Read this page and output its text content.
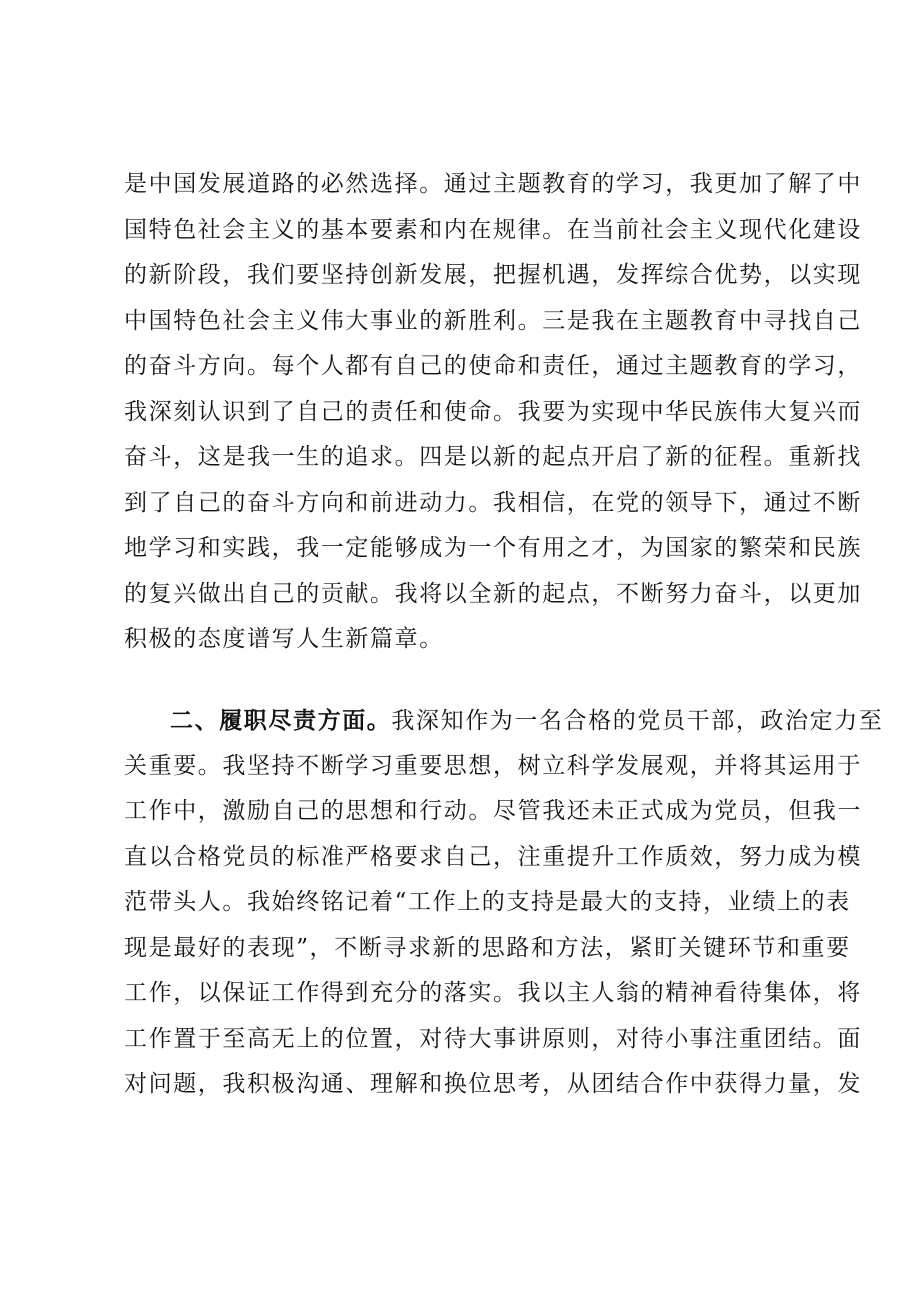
是中国发展道路的必然选择。通过主题教育的学习，我更加了解了中
国特色社会主义的基本要素和内在规律。在当前社会主义现代化建设
的新阶段，我们要坚持创新发展，把握机遇，发挥综合优势，以实现
中国特色社会主义伟大事业的新胜利。三是我在主题教育中寻找自己
的奋斗方向。每个人都有自己的使命和责任，通过主题教育的学习，
我深刻认识到了自己的责任和使命。我要为实现中华民族伟大复兴而
奋斗，这是我一生的追求。四是以新的起点开启了新的征程。重新找
到了自己的奋斗方向和前进动力。我相信，在党的领导下，通过不断
地学习和实践，我一定能够成为一个有用之才，为国家的繁荣和民族
的复兴做出自己的贡献。我将以全新的起点，不断努力奋斗，以更加
积极的态度谱写人生新篇章。
二、履职尽责方面。我深知作为一名合格的党员干部，政治定力至
关重要。我坚持不断学习重要思想，树立科学发展观，并将其运用于
工作中，激励自己的思想和行动。尽管我还未正式成为党员，但我一
直以合格党员的标准严格要求自己，注重提升工作质效，努力成为模
范带头人。我始终铭记着“工作上的支持是最大的支持，业绩上的表
现是最好的表现”，不断寻求新的思路和方法，紧盯关键环节和重要
工作，以保证工作得到充分的落实。我以主人翁的精神看待集体，将
工作置于至高无上的位置，对待大事讲原则，对待小事注重团结。面
对问题，我积极沟通、理解和换位思考，从团结合作中获得力量，发
